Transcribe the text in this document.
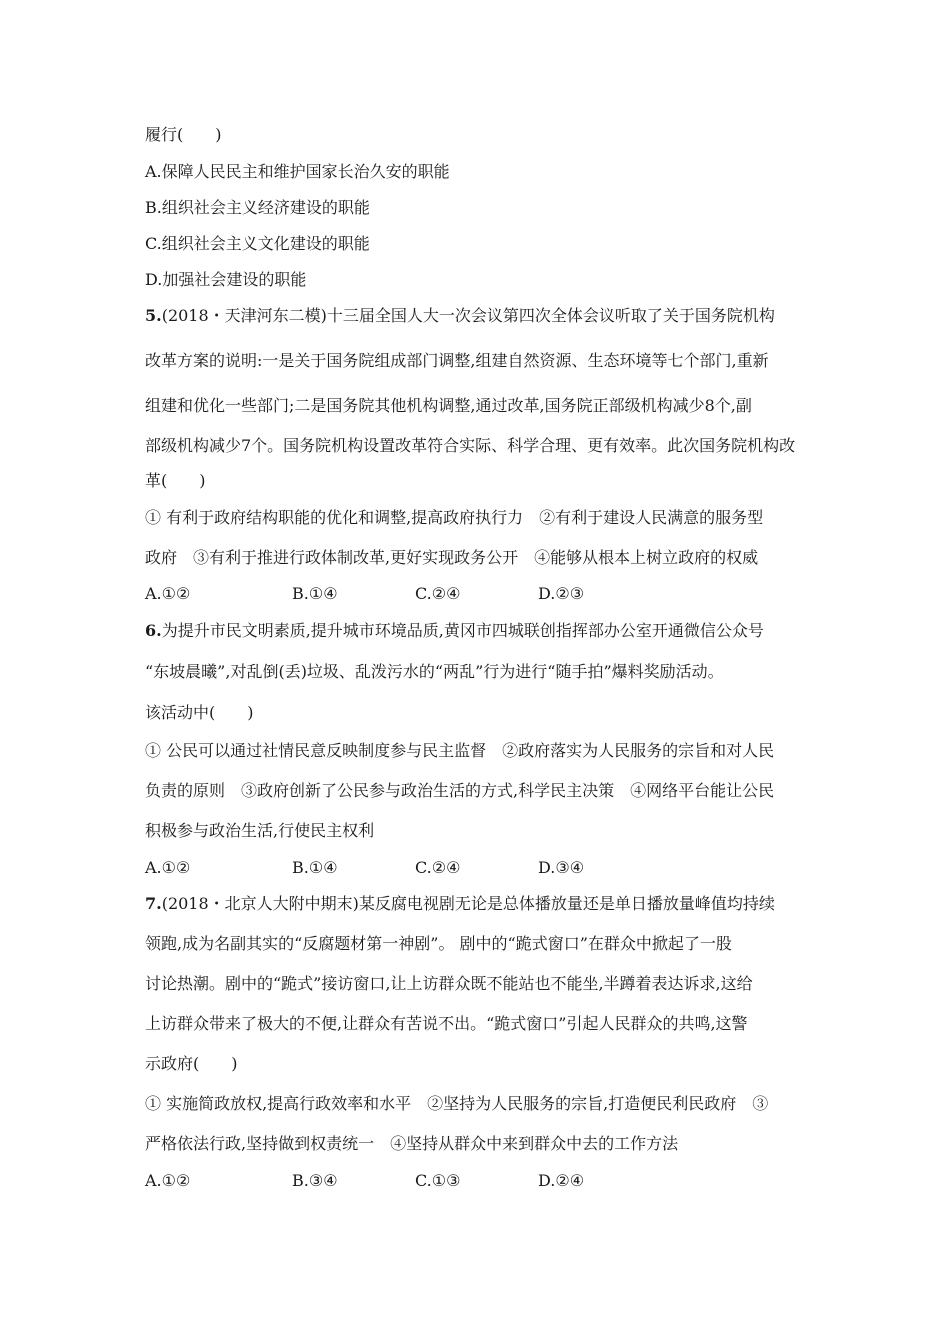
履行(　　)
A.保障人民民主和维护国家长治久安的职能
B.组织社会主义经济建设的职能
C.组织社会主义文化建设的职能
D.加强社会建设的职能
5.(2018・天津河东二模)十三届全国人大一次会议第四次全体会议听取了关于国务院机构
改革方案的说明:一是关于国务院组成部门调整,组建自然资源、生态环境等七个部门,重新
组建和优化一些部门;二是国务院其他机构调整,通过改革,国务院正部级机构减少8个,副
部级机构减少7个。国务院机构设置改革符合实际、科学合理、更有效率。此次国务院机构改
革(　　)
① 有利于政府结构职能的优化和调整,提高政府执行力　②有利于建设人民满意的服务型
政府　③有利于推进行政体制改革,更好实现政务公开　④能够从根本上树立政府的权威
A.①②	B.①④	C.②④	D.②③
6.为提升市民文明素质,提升城市环境品质,黄冈市四城联创指挥部办公室开通微信公众号
“东坡晨曦”,对乱倒(丢)垃圾、乱泼污水的“两乱”行为进行“随手拍”爆料奖励活动。
该活动中(　　)
① 公民可以通过社情民意反映制度参与民主监督　②政府落实为人民服务的宗旨和对人民
负责的原则　③政府创新了公民参与政治生活的方式,科学民主决策　④网络平台能让公民
积极参与政治生活,行使民主权利
A.①②	B.①④	C.②④	D.③④
7.(2018・北京人大附中期末)某反腐电视剧无论是总体播放量还是单日播放量峰值均持续
领跑,成为名副其实的“反腐题材第一神剧”。 剧中的“跪式窗口”在群众中掀起了一股
讨论热潮。剧中的“跪式”接访窗口,让上访群众既不能站也不能坐,半蹲着表达诉求,这给
上访群众带来了极大的不便,让群众有苦说不出。“跪式窗口”引起人民群众的共鸣,这警
示政府(　　)
① 实施简政放权,提高行政效率和水平　②坚持为人民服务的宗旨,打造便民利民政府　③
严格依法行政,坚持做到权责统一　④坚持从群众中来到群众中去的工作方法
A.①②	B.③④	C.①③	D.②④
